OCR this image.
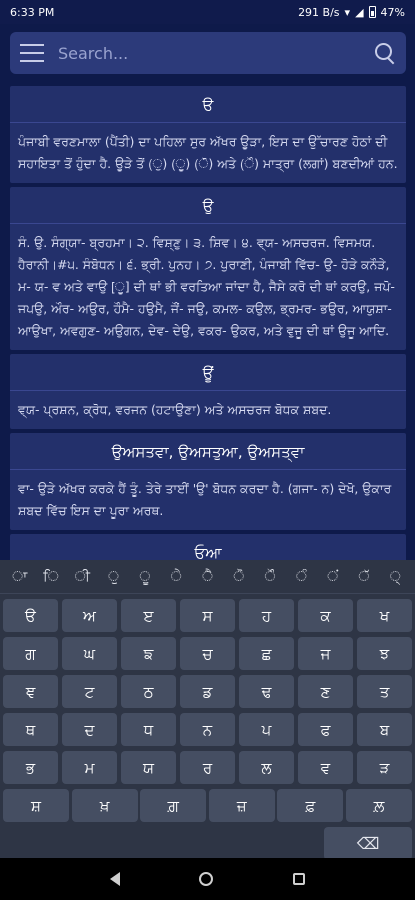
6:33 PM	291 B/s ▾ ◢ 47%
Search...
ੳ
ਪੰਜਾਬੀ ਵਰਣਮਾਲਾ (ਪੈਂਤੀ) ਦਾ ਪਹਿਲਾ ਸੁਰ ਅੱਖਰ ਊੜਾ, ਇਸ ਦਾ ਉੱਚਾਰਣ ਹੋਠਾਂ ਦੀ ਸਹਾਇਤਾ ਤੋਂ ਹੁੰਦਾ ਹੈ. ਊੜੇ ਤੋਂ (ੁ) (ੂ) (ੋ) ਅਤੇ (ੌ) ਮਾਤ੍ਰਾ (ਲਗਾਂ) ਬਣਦੀਆਂ ਹਨ.
ਉ
ਸੰ. ਉ. ਸੰਗ੍ਯਾ- ਬ੍ਰਹਮਾ। ੨. ਵਿਸ਼੍ਣੁ। ੩. ਸ਼ਿਵ। ੪. ਵ੍ਯ- ਅਸਚਰਜ. ਵਿਸਮਯ. ਹੈਰਾਨੀ।#੫. ਸੰਬੋਧਨ। ੬. ਭ੍ਰੀ. ਪੁਨਹ। ੭. ਪੁਰਾਣੀ, ਪੰਜਾਬੀ ਵਿੱਚ- ਉ- ਹੋੜੇ ਕਨੌੜੇ, ਮ- ਯ- ਵ ਅਤੇ ਵਾਉ [ੂ] ਦੀ ਥਾਂ ਭੀ ਵਰਤਿਆ ਜਾਂਦਾ ਹੈ, ਜੈਸੇ ਕਰੋ ਦੀ ਥਾਂ ਕਰਉ, ਜਪੋ- ਜਪਉ, ਔਰ- ਅਉਰ, ਹੌਮੈ- ਹਉਮੈ, ਜੌਂ- ਜਉ, ਕਮਲ- ਕਉਲ, ਭ੍ਰਮਰ- ਭਉਰ, ਆਯੁਸ਼ਾ- ਆਉਖਾ, ਅਵਗੁਣ- ਅਉਗਨ, ਦੇਵ- ਦੇਉ, ਵਕਰ- ਉਕਰ, ਅਤੇ ਵੁਜੂ ਦੀ ਥਾਂ ਉਜੂ ਆਦਿ.
ਊਂ
ਵ੍ਯ- ਪ੍ਰਸ਼ਨ, ਕ੍ਰੋਧ, ਵਰਜਨ (ਹਟਾਉਣਾ) ਅਤੇ ਅਸਚਰਜ ਬੋਧਕ ਸ਼ਬਦ.
ਉਅਸਤਵਾ, ਉਅਸਤੁਆ, ਉਅਸਤ੍ਵਾ
ਵਾ- ਉੜੇ ਅੱਖਰ ਕਰਕੇ ਹੈਂ ਤੂੰ. ਤੇਰੇ ਤਾਈਂ 'ਉ' ਬੋਧਨ ਕਰਦਾ ਹੈ. (ਗਜਾ- ਨ) ਦੇਖੋ, ਉਕਾਰ ਸ਼ਬਦ ਵਿੱਚ ਇਸ ਦਾ ਪੂਰਾ ਅਰਥ.
ਓਆ
ਾ	ਿ	ੀ	ੁ	ੂ	ੇ	ੈ	ੋ	ੌ	ੰ	ਂ	ੱ	੍
ੳ	ਅ	ੲ	ਸ	ਹ	ਕ	ਖ
ਗ	ਘ	ਙ	ਚ	ਛ	ਜ	ਝ
ਞ	ਟ	ਠ	ਡ	ਢ	ਣ	ਤ
ਥ	ਦ	ਧ	ਨ	ਪ	ਫ	ਬ
ਭ	ਮ	ਯ	ਰ	ਲ	ਵ	ੜ
ਸ਼	ਖ਼	ਗ਼	ਜ਼	ਫ਼	ਲ਼
⌫
